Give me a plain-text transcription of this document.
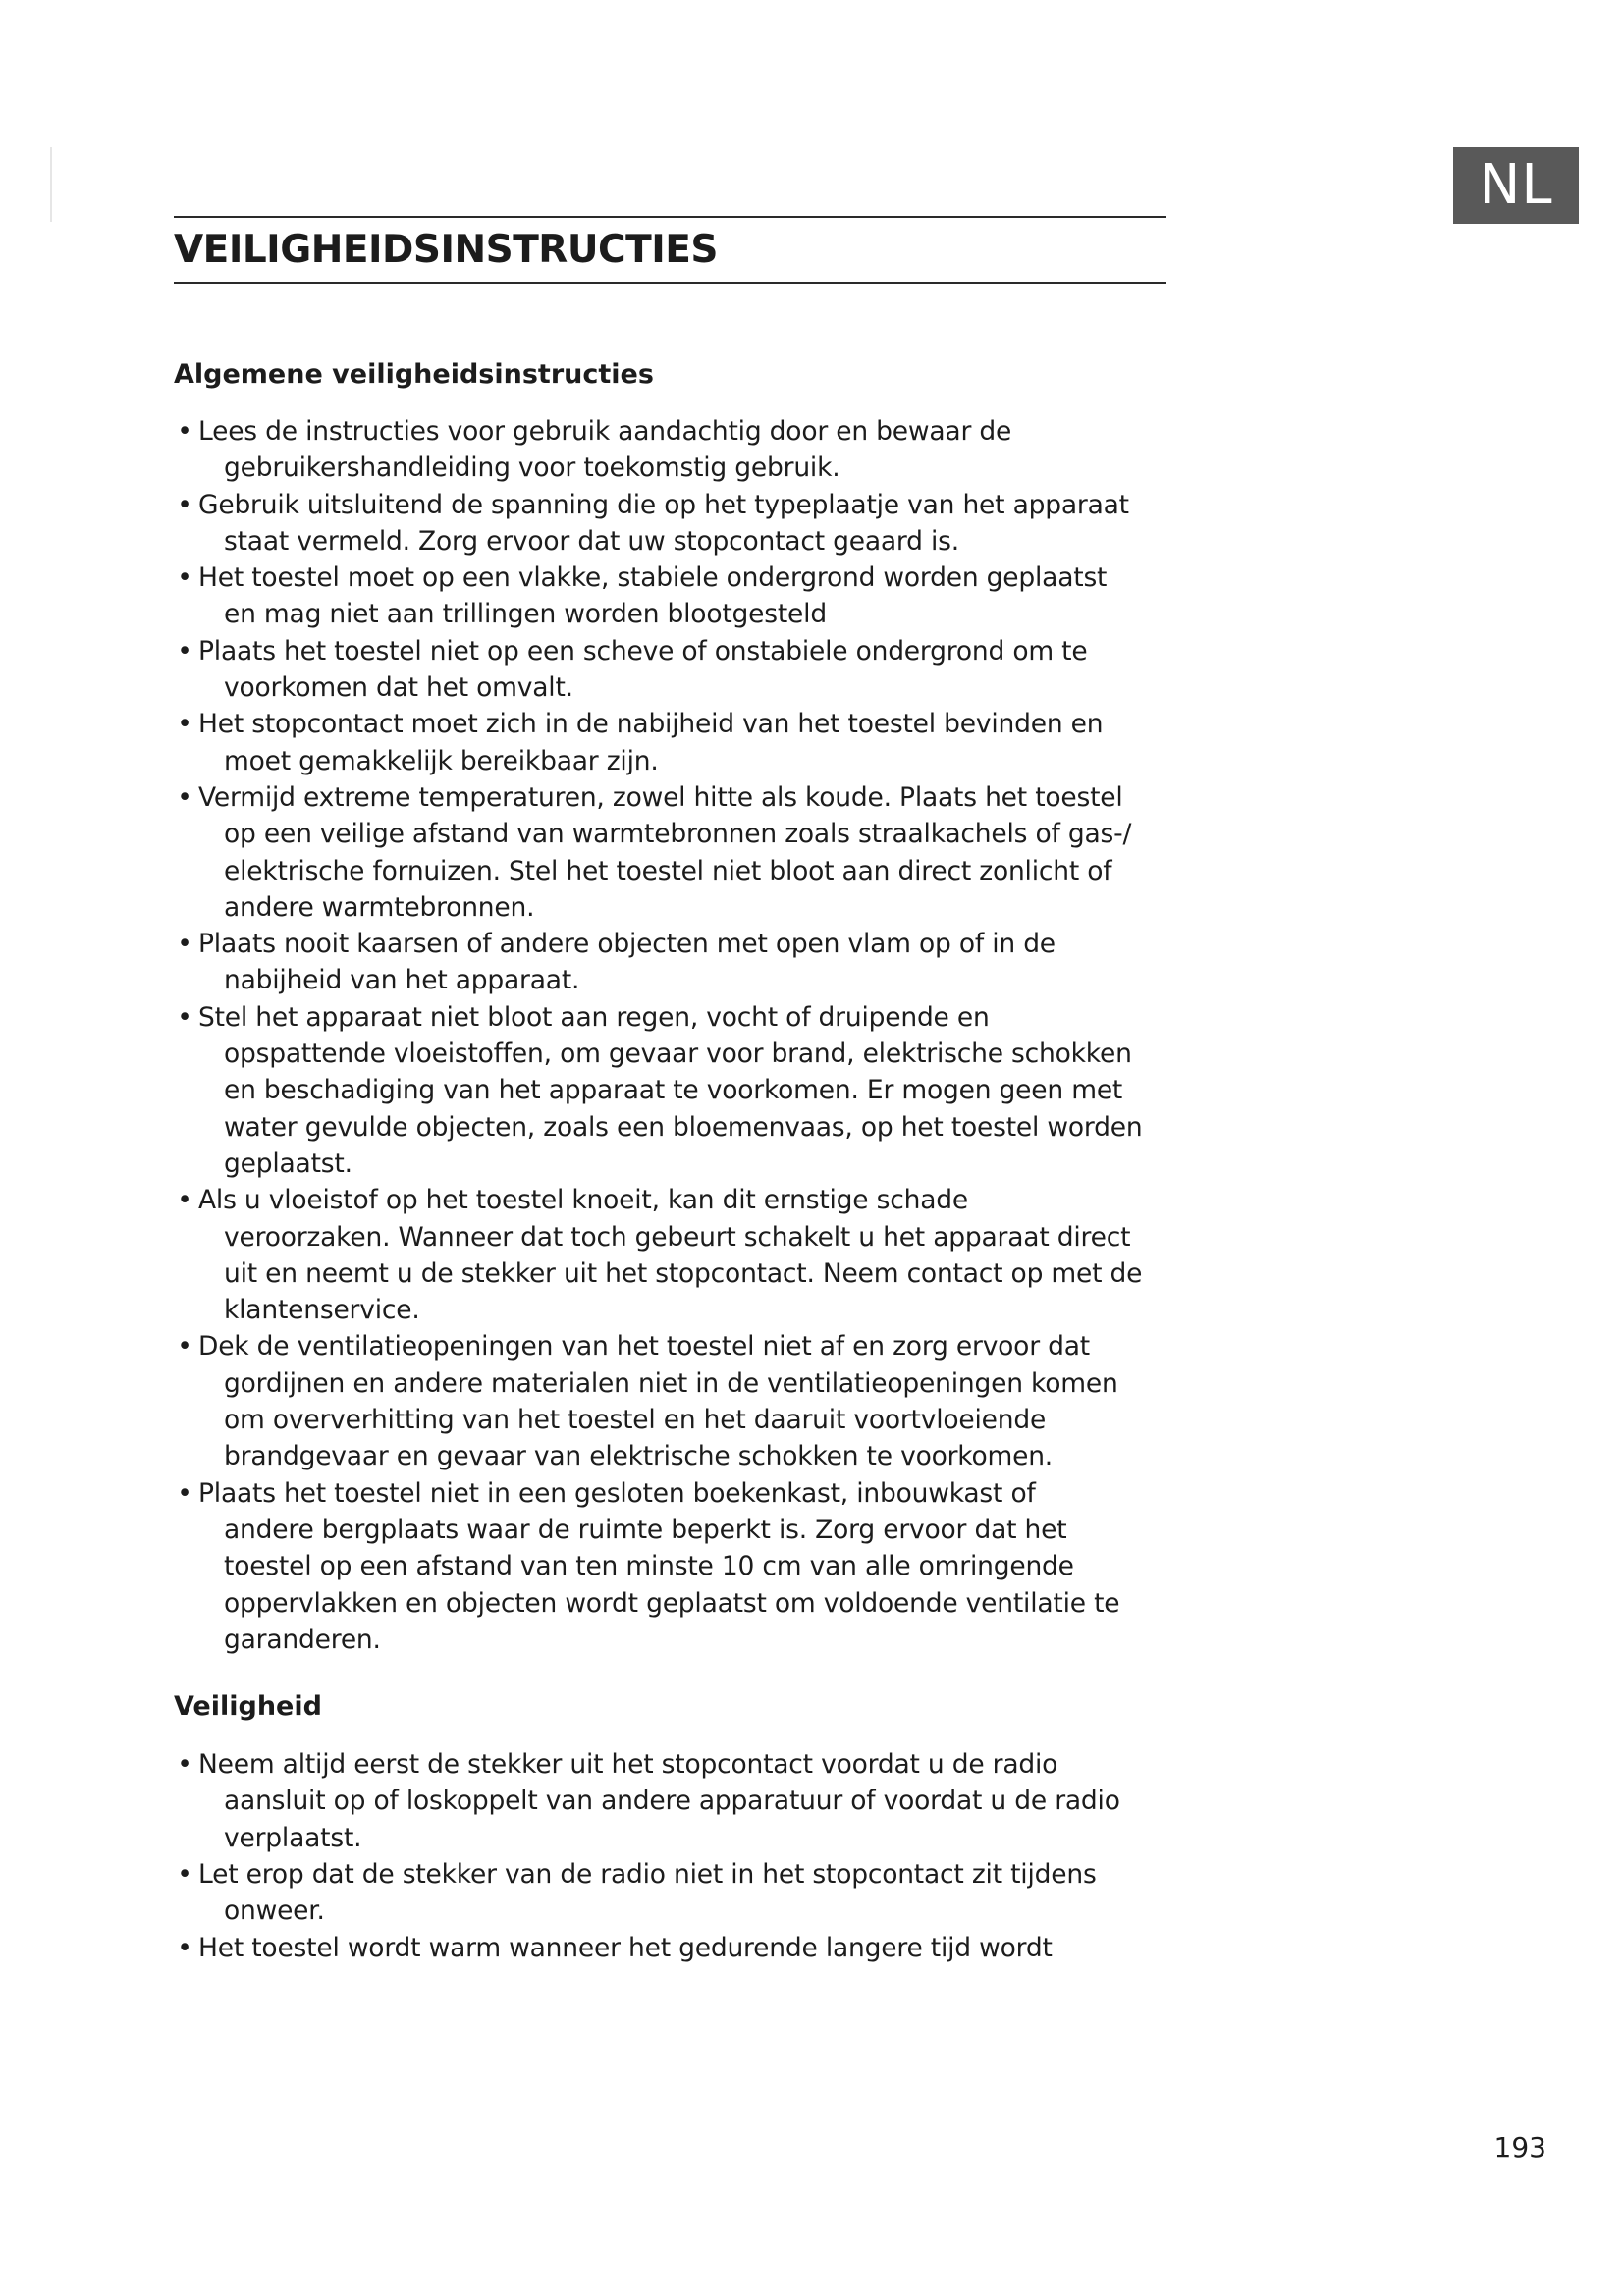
NL
VEILIGHEIDSINSTRUCTIES
Algemene veiligheidsinstructies
• Lees de instructies voor gebruik aandachtig door en bewaar de
gebruikershandleiding voor toekomstig gebruik.
• Gebruik uitsluitend de spanning die op het typeplaatje van het apparaat
staat vermeld. Zorg ervoor dat uw stopcontact geaard is.
• Het toestel moet op een vlakke, stabiele ondergrond worden geplaatst
en mag niet aan trillingen worden blootgesteld
• Plaats het toestel niet op een scheve of onstabiele ondergrond om te
voorkomen dat het omvalt.
• Het stopcontact moet zich in de nabijheid van het toestel bevinden en
moet gemakkelijk bereikbaar zijn.
• Vermijd extreme temperaturen, zowel hitte als koude. Plaats het toestel
op een veilige afstand van warmtebronnen zoals straalkachels of gas-/
elektrische fornuizen. Stel het toestel niet bloot aan direct zonlicht of
andere warmtebronnen.
• Plaats nooit kaarsen of andere objecten met open vlam op of in de
nabijheid van het apparaat.
• Stel het apparaat niet bloot aan regen, vocht of druipende en
opspattende vloeistoffen, om gevaar voor brand, elektrische schokken
en beschadiging van het apparaat te voorkomen. Er mogen geen met
water gevulde objecten, zoals een bloemenvaas, op het toestel worden
geplaatst.
• Als u vloeistof op het toestel knoeit, kan dit ernstige schade
veroorzaken. Wanneer dat toch gebeurt schakelt u het apparaat direct
uit en neemt u de stekker uit het stopcontact. Neem contact op met de
klantenservice.
• Dek de ventilatieopeningen van het toestel niet af en zorg ervoor dat
gordijnen en andere materialen niet in de ventilatieopeningen komen
om oververhitting van het toestel en het daaruit voortvloeiende
brandgevaar en gevaar van elektrische schokken te voorkomen.
• Plaats het toestel niet in een gesloten boekenkast, inbouwkast of
andere bergplaats waar de ruimte beperkt is. Zorg ervoor dat het
toestel op een afstand van ten minste 10 cm van alle omringende
oppervlakken en objecten wordt geplaatst om voldoende ventilatie te
garanderen.
Veiligheid
• Neem altijd eerst de stekker uit het stopcontact voordat u de radio
aansluit op of loskoppelt van andere apparatuur of voordat u de radio
verplaatst.
• Let erop dat de stekker van de radio niet in het stopcontact zit tijdens
onweer.
• Het toestel wordt warm wanneer het gedurende langere tijd wordt
193
